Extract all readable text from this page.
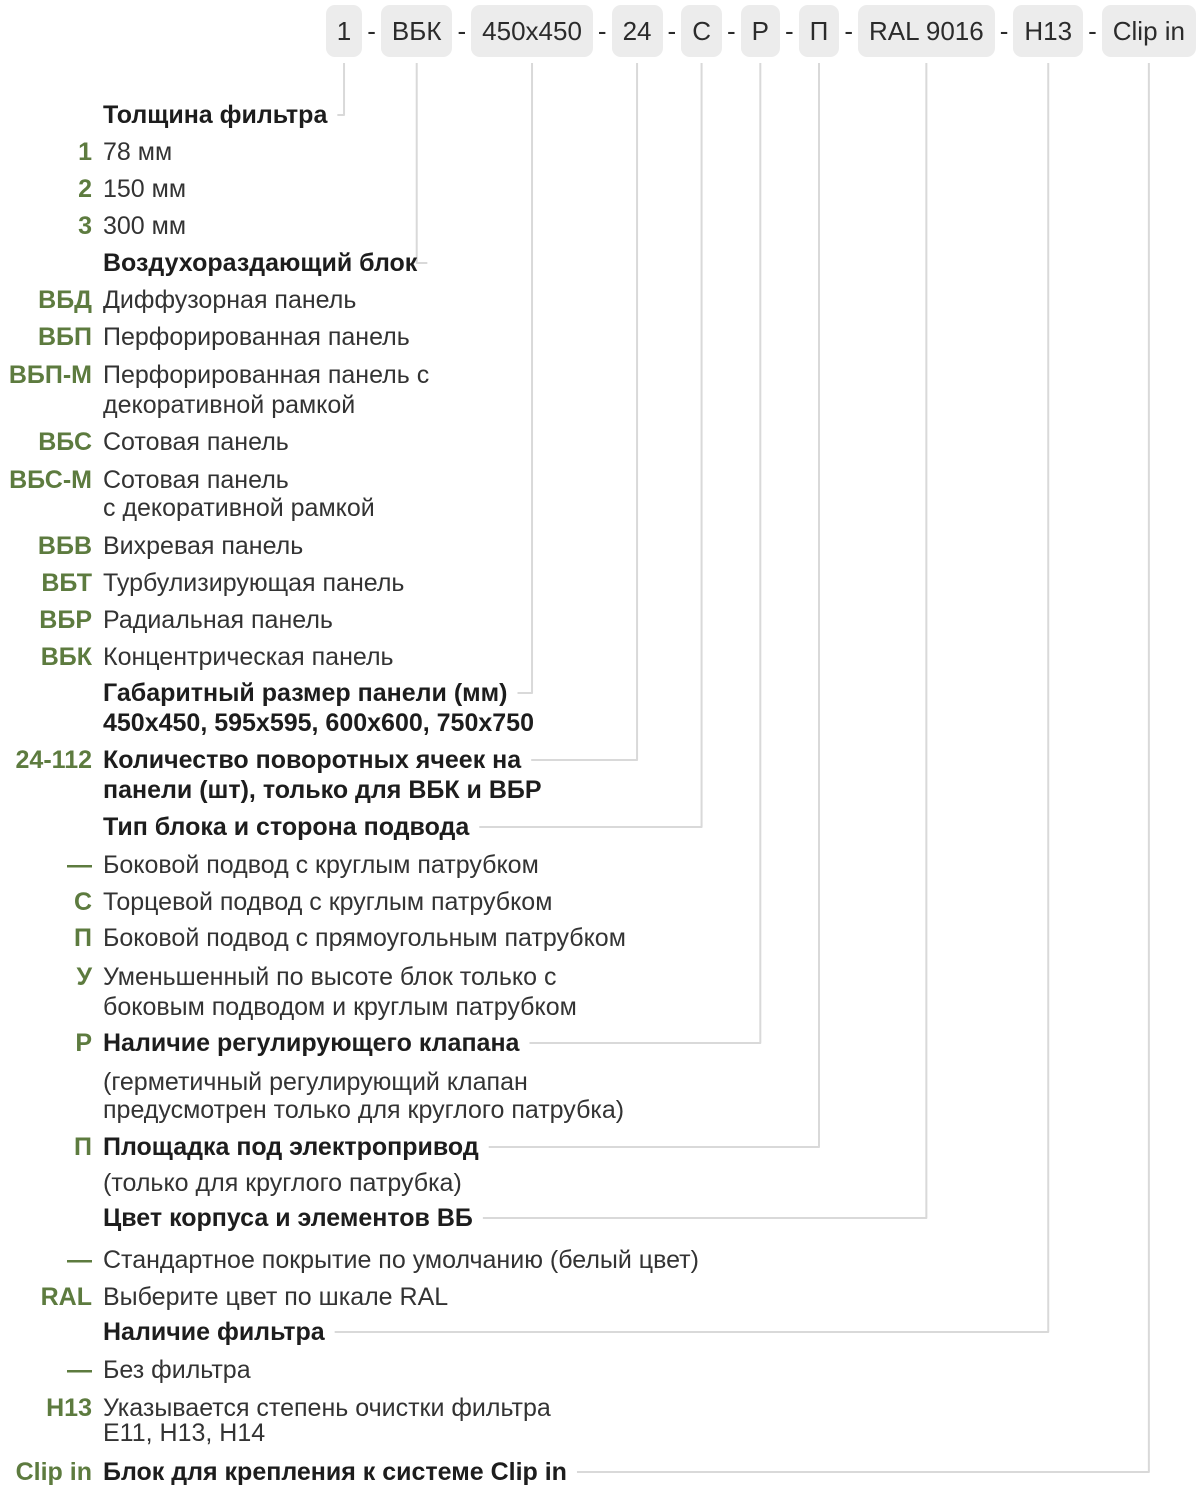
1 - ВБК - 450x450 - 24 - С - Р - П - RAL 9016 - H13 - Clip in
Толщина фильтра
1 78 мм
2 150 мм
3 300 мм
Воздухораздающий блок
ВБД Диффузорная панель
ВБП Перфорированная панель
ВБП-М Перфорированная панель с
декоративной рамкой
ВБС Сотовая панель
ВБС-М Сотовая панель
с декоративной рамкой
ВБВ Вихревая панель
ВБТ Турбулизирующая панель
ВБР Радиальная панель
ВБК Концентрическая панель
Габаритный размер панели (мм)
450x450, 595x595, 600x600, 750x750
24-112 Количество поворотных ячеек на
панели (шт), только для ВБК и ВБР
Тип блока и сторона подвода
— Боковой подвод с круглым патрубком
С Торцевой подвод с круглым патрубком
П Боковой подвод с прямоугольным патрубком
У Уменьшенный по высоте блок только с
боковым подводом и круглым патрубком
Р Наличие регулирующего клапана
(герметичный регулирующий клапан
предусмотрен только для круглого патрубка)
П Площадка под электропривод
(только для круглого патрубка)
Цвет корпуса и элементов ВБ
— Стандартное покрытие по умолчанию (белый цвет)
RAL Выберите цвет по шкале RAL
Наличие фильтра
— Без фильтра
H13 Указывается степень очистки фильтра
E11, H13, H14
Clip in Блок для крепления к системе Clip in
